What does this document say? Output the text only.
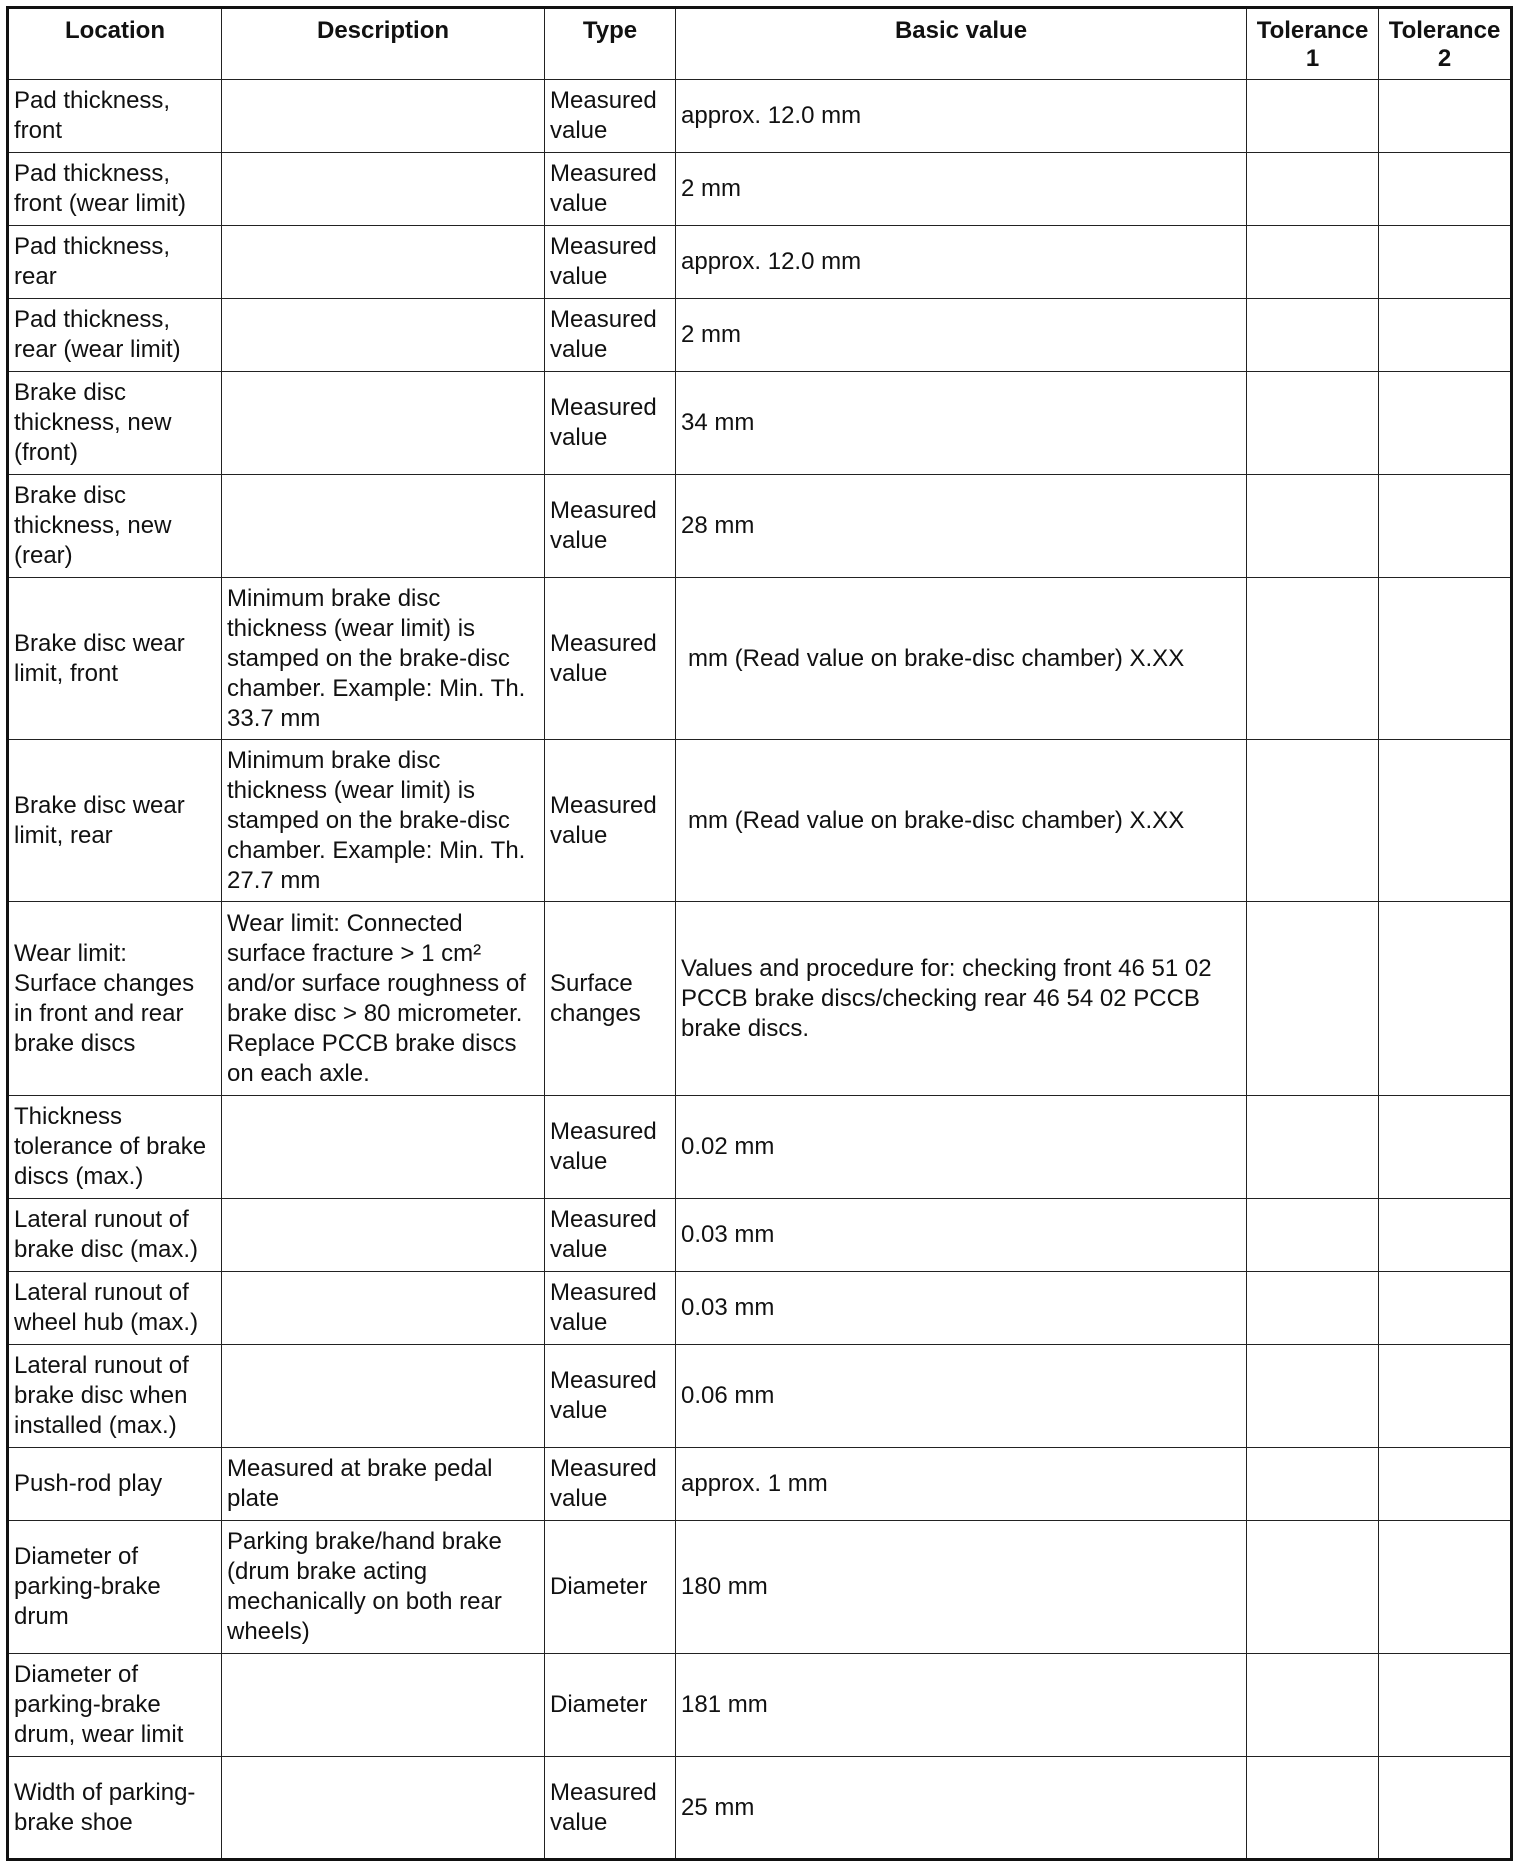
Location	Description	Type	Basic value	Tolerance 1	Tolerance 2
Pad thickness, front		Measured value	approx. 12.0 mm		
Pad thickness, front (wear limit)		Measured value	2 mm		
Pad thickness, rear		Measured value	approx. 12.0 mm		
Pad thickness, rear (wear limit)		Measured value	2 mm		
Brake disc thickness, new (front)		Measured value	34 mm		
Brake disc thickness, new (rear)		Measured value	28 mm		
Brake disc wear limit, front	Minimum brake disc thickness (wear limit) is stamped on the brake-disc chamber. Example: Min. Th. 33.7 mm	Measured value	mm (Read value on brake-disc chamber) X.XX		
Brake disc wear limit, rear	Minimum brake disc thickness (wear limit) is stamped on the brake-disc chamber. Example: Min. Th. 27.7 mm	Measured value	mm (Read value on brake-disc chamber) X.XX		
Wear limit: Surface changes in front and rear brake discs	Wear limit: Connected surface fracture > 1 cm² and/or surface roughness of brake disc > 80 micrometer. Replace PCCB brake discs on each axle.	Surface changes	Values and procedure for: checking front 46 51 02 PCCB brake discs/checking rear 46 54 02 PCCB brake discs.		
Thickness tolerance of brake discs (max.)		Measured value	0.02 mm		
Lateral runout of brake disc (max.)		Measured value	0.03 mm		
Lateral runout of wheel hub (max.)		Measured value	0.03 mm		
Lateral runout of brake disc when installed (max.)		Measured value	0.06 mm		
Push-rod play	Measured at brake pedal plate	Measured value	approx. 1 mm		
Diameter of parking-brake drum	Parking brake/hand brake (drum brake acting mechanically on both rear wheels)	Diameter	180 mm		
Diameter of parking-brake drum, wear limit		Diameter	181 mm		
Width of parking-brake shoe		Measured value	25 mm		
